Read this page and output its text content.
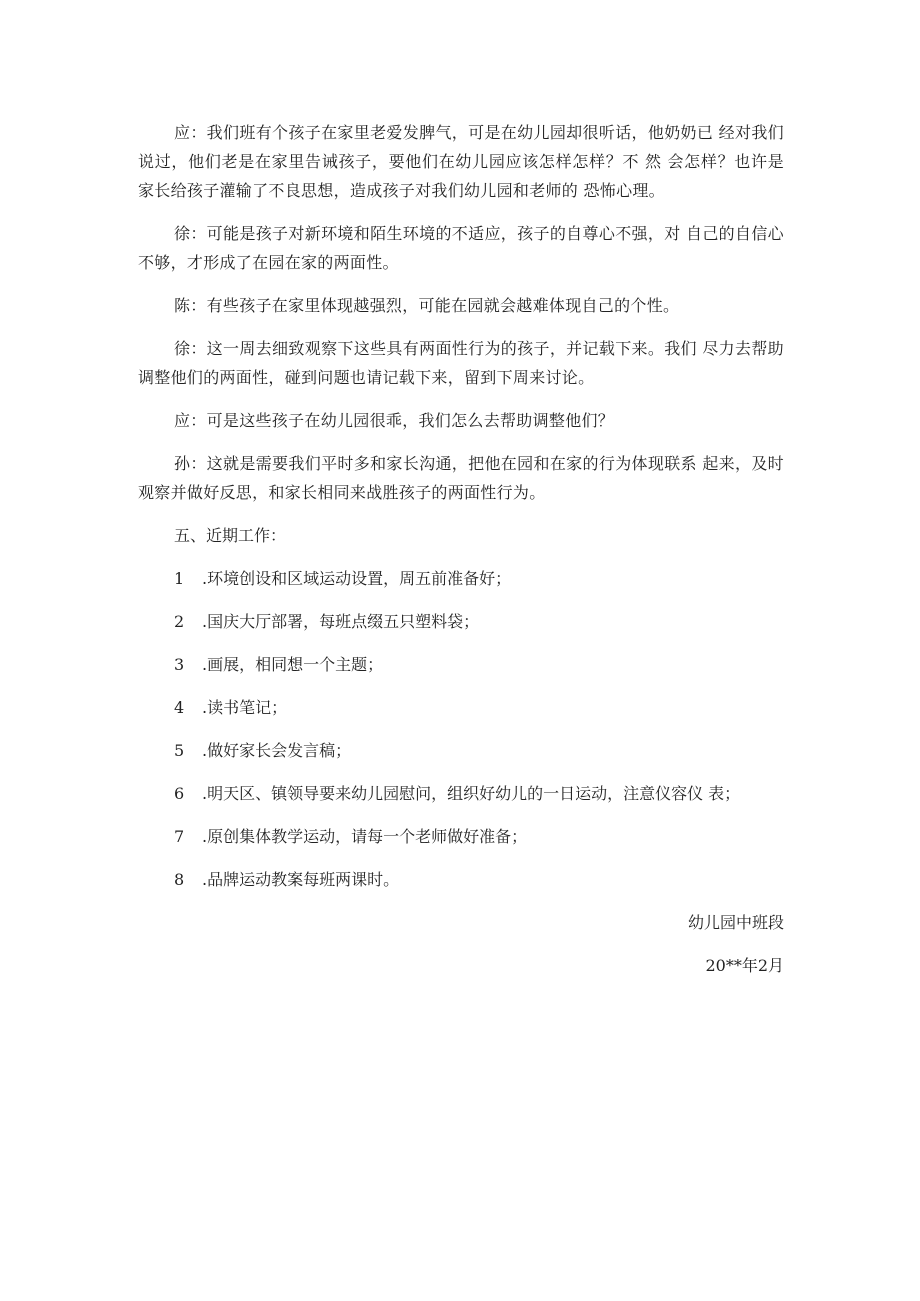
应：我们班有个孩子在家里老爱发脾气，可是在幼儿园却很听话，他奶奶已 经对我们说过，他们老是在家里告诫孩子，要他们在幼儿园应该怎样怎样？不 然 会怎样？也许是家长给孩子灌输了不良思想，造成孩子对我们幼儿园和老师的 恐怖心理。

徐：可能是孩子对新环境和陌生环境的不适应，孩子的自尊心不强，对 自己的自信心不够，才形成了在园在家的两面性。

陈：有些孩子在家里体现越强烈，可能在园就会越难体现自己的个性。

徐：这一周去细致观察下这些具有两面性行为的孩子，并记载下来。我们 尽力去帮助调整他们的两面性，碰到问题也请记载下来，留到下周来讨论。

应：可是这些孩子在幼儿园很乖，我们怎么去帮助调整他们？

孙：这就是需要我们平时多和家长沟通，把他在园和在家的行为体现联系 起来，及时观察并做好反思，和家长相同来战胜孩子的两面性行为。

五、近期工作：

1 .环境创设和区域运动设置，周五前准备好；
2 .国庆大厅部署，每班点缀五只塑料袋；
3 .画展，相同想一个主题；
4 .读书笔记；
5 .做好家长会发言稿；
6 .明天区、镇领导要来幼儿园慰问，组织好幼儿的一日运动，注意仪容仪 表；
7 .原创集体教学运动，请每一个老师做好准备；
8 .品牌运动教案每班两课时。

幼儿园中班段

20**年2月
